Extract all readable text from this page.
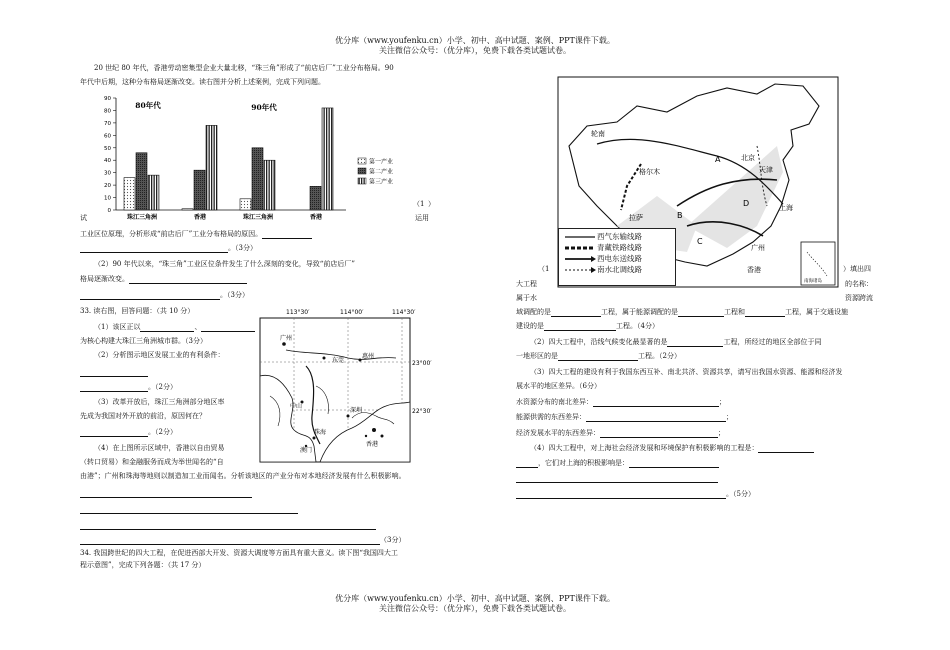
优分库（www.youfenku.cn）小学、初中、高中试题、案例、PPT课件下载。
关注微信公众号：（优分库），免费下载各类试题试卷。
20 世纪 80 年代，香港劳动密集型企业大量北移，“珠三角”形成了“前店后厂”工业分布格局。90
年代中后期，这种分布格局逐渐改变。读右图并分析上述案例，完成下列问题。
0
10
20
30
40
50
60
70
80
90
珠江三角洲	香港	珠江三角洲	香港
80年代	90年代
第一产业
第二产业
第三产业
（1 ）
试	运用
工业区位原理，分析形成“前店后厂”工业分布格局的原因。
。（3分）
（2）90 年代以来，“珠三角”工业区位条件发生了什么深刻的变化，导致“前店后厂”
格局逐渐改变。
。（3分）
33. 读右图，回答问题：（共 10 分）
（1）该区正以	、
为核心构建大珠江三角洲城市群。（3分）
（2）分析图示地区发展工业的有利条件：
。（2分）
（3）改革开放后，珠江三角洲部分地区率
先成为我国对外开放的前沿，原因何在？
。（2分）
（4）在上图所示区域中，香港以自由贸易
（转口贸易）和金融服务而成为举世闻名的“自
由港”；广州和珠海等地则以制造加工业而闻名。分析该地区的产业分布对本地经济发展有什么积极影响。
（3分）
34. 我国跨世纪的四大工程，在促进西部大开发、资源大调度等方面具有重大意义。读下图“我国四大工
程示意图”，完成下列各题：（共 17 分）
113°30′	114°00′	114°30′
23°00′
22°30′
广州
东莞
惠州
中山
深圳
珠海
澳门
香港
轮南
格尔木
拉萨
北京
天津
上海
广州
香港
A
B
C
D
南海诸岛
西气东输线路
青藏铁路线路
西电东送线路
南水北调线路
（1	）填出四
大工程	的名称：
属于水	资源跨流
域调配的是	工程，属于能源调配的是	工程和	工程，属于交通设施
建设的是	工程。（4分）
（2）四大工程中，沿线气候变化最显著的是	工程，所经过的地区全部位于同
一地形区的是	工程。（2分）
（3）四大工程的建设有利于我国东西互补、南北共济、资源共享，请写出我国水资源、能源和经济发
展水平的地区差异。（6分）
水资源分布的南北差异：	；
能源供需的东西差异：	；
经济发展水平的东西差异：	；
（4）四大工程中，对上海社会经济发展和环境保护有积极影响的工程是：
，它们对上海的积极影响是：
。（5分）
优分库（www.youfenku.cn）小学、初中、高中试题、案例、PPT课件下载。
关注微信公众号：（优分库），免费下载各类试题试卷。
